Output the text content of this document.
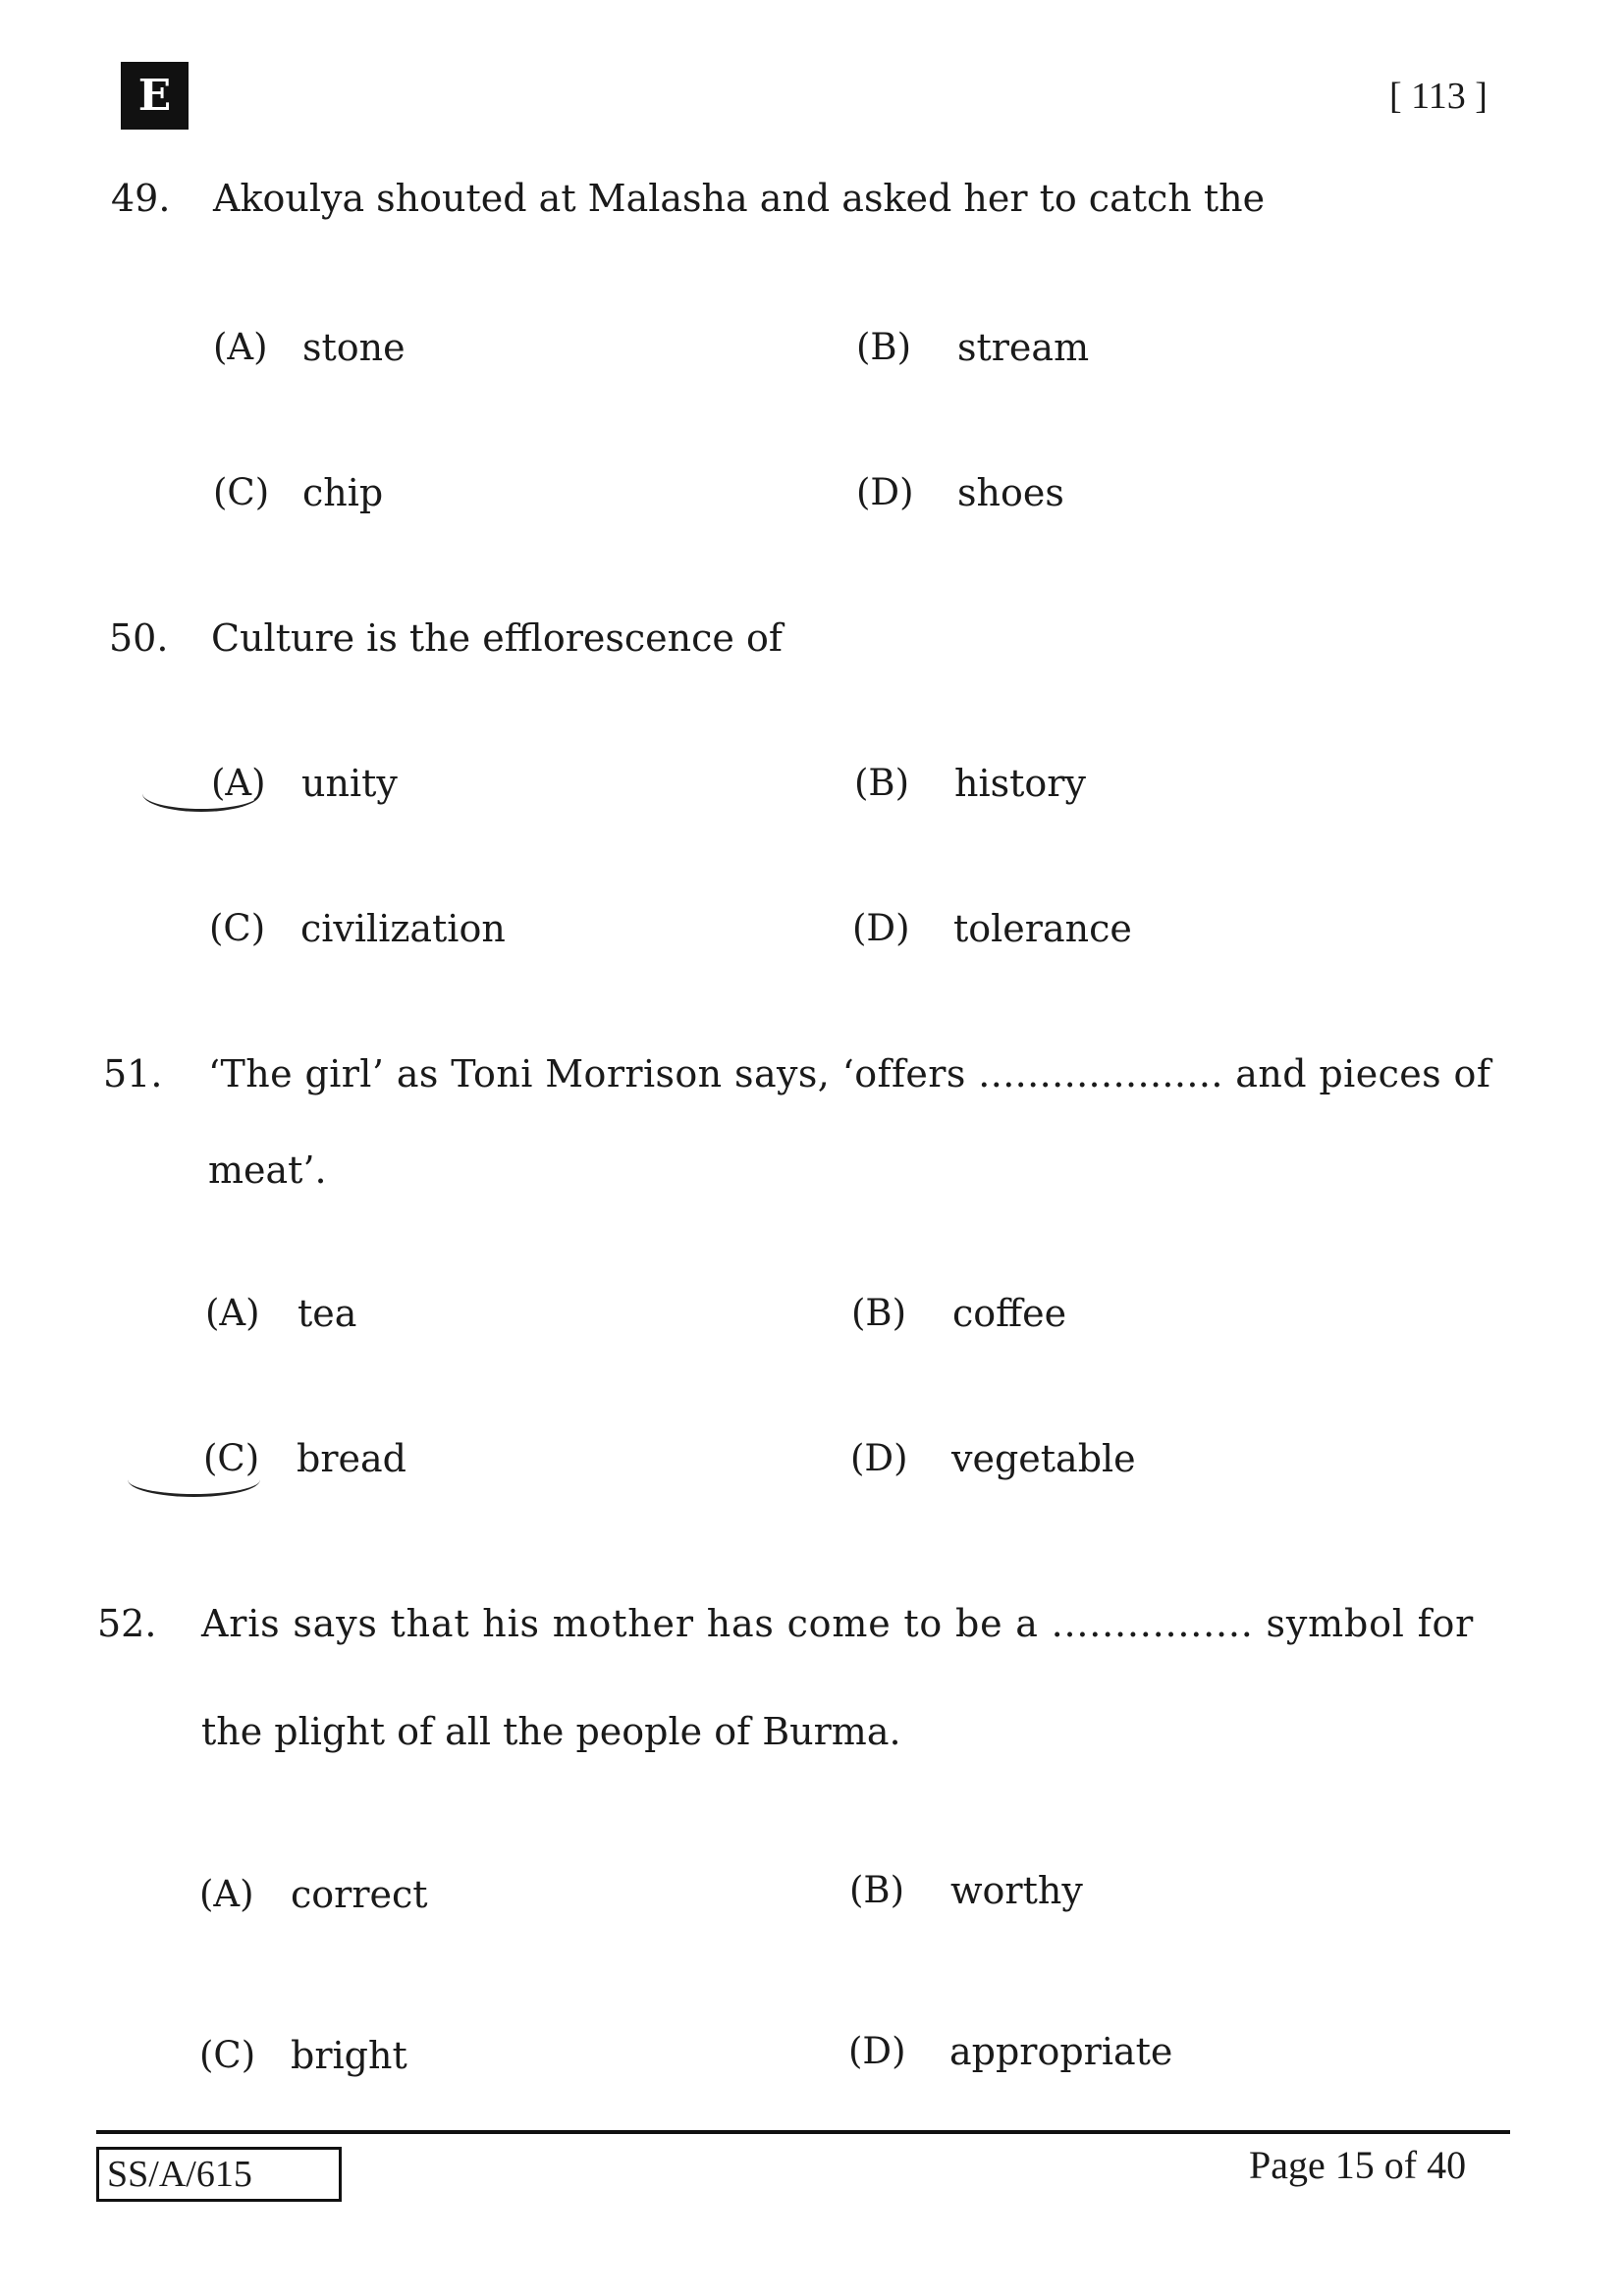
E	[ 113 ]
49. Akoulya shouted at Malasha and asked her to catch the
(A) stone	(B) stream
(C) chip	(D) shoes
50. Culture is the efflorescence of
(A) unity	(B) history
(C) civilization	(D) tolerance
51. ‘The girl’ as Toni Morrison says, ‘offers .................... and pieces of
meat’.
(A) tea	(B) coffee
(C) bread	(D) vegetable
52. Aris says that his mother has come to be a ................ symbol for
the plight of all the people of Burma.
(A) correct	(B) worthy
(C) bright	(D) appropriate
SS/A/615	Page 15 of 40
